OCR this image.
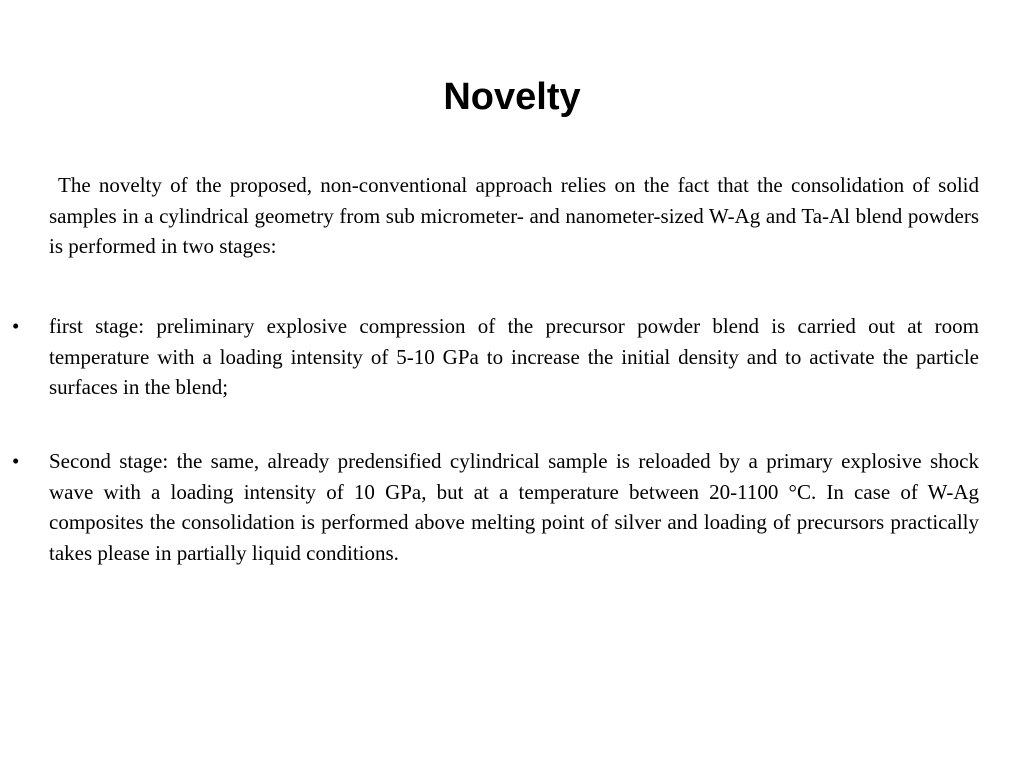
Novelty

The novelty of the proposed, non-conventional approach relies on the fact that the consolidation of solid samples in a cylindrical geometry from sub micrometer- and nanometer-sized W-Ag and Ta-Al blend powders is performed in two stages:

• first stage: preliminary explosive compression of the precursor powder blend is carried out at room temperature with a loading intensity of 5-10 GPa to increase the initial density and to activate the particle surfaces in the blend;

• Second stage: the same, already predensified cylindrical sample is reloaded by a primary explosive shock wave with a loading intensity of 10 GPa, but at a temperature between 20-1100 °C. In case of W-Ag composites the consolidation is performed above melting point of silver and loading of precursors practically takes please in partially liquid conditions.
